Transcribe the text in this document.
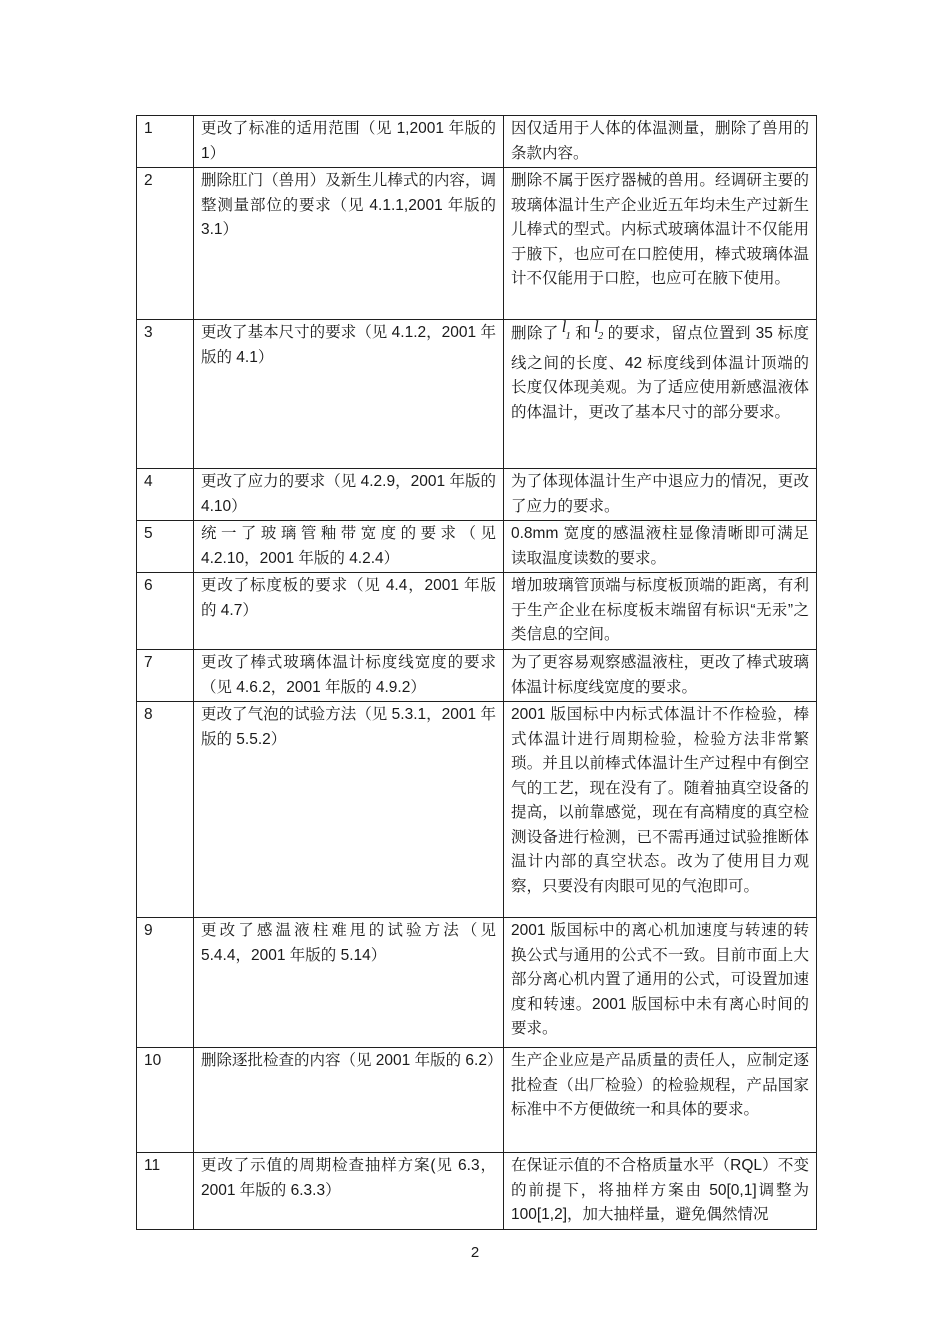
1	更改了标准的适用范围（见 1,2001 年版的 1）	因仅适用于人体的体温测量，删除了兽用的条款内容。
2	删除肛门（兽用）及新生儿棒式的内容，调整测量部位的要求（见 4.1.1,2001 年版的 3.1）	删除不属于医疗器械的兽用。经调研主要的玻璃体温计生产企业近五年均未生产过新生儿棒式的型式。内标式玻璃体温计不仅能用于腋下，也应可在口腔使用，棒式玻璃体温计不仅能用于口腔，也应可在腋下使用。
3	更改了基本尺寸的要求（见 4.1.2，2001 年版的 4.1）	删除了 $l_1$ 和 $l_2$ 的要求，留点位置到 35 标度线之间的长度、42 标度线到体温计顶端的长度仅体现美观。为了适应使用新感温液体的体温计，更改了基本尺寸的部分要求。
4	更改了应力的要求（见 4.2.9，2001 年版的 4.10）	为了体现体温计生产中退应力的情况，更改了应力的要求。
5	统一了玻璃管釉带宽度的要求（见 4.2.10，2001 年版的 4.2.4）	0.8mm 宽度的感温液柱显像清晰即可满足读取温度读数的要求。
6	更改了标度板的要求（见 4.4，2001 年版的 4.7）	增加玻璃管顶端与标度板顶端的距离，有利于生产企业在标度板末端留有标识“无汞”之类信息的空间。
7	更改了棒式玻璃体温计标度线宽度的要求（见 4.6.2，2001 年版的 4.9.2）	为了更容易观察感温液柱，更改了棒式玻璃体温计标度线宽度的要求。
8	更改了气泡的试验方法（见 5.3.1，2001 年版的 5.5.2）	2001 版国标中内标式体温计不作检验，棒式体温计进行周期检验，检验方法非常繁琐。并且以前棒式体温计生产过程中有倒空气的工艺，现在没有了。随着抽真空设备的提高，以前靠感觉，现在有高精度的真空检测设备进行检测，已不需再通过试验推断体温计内部的真空状态。改为了使用目力观察，只要没有肉眼可见的气泡即可。
9	更改了感温液柱难甩的试验方法（见 5.4.4，2001 年版的 5.14）	2001 版国标中的离心机加速度与转速的转换公式与通用的公式不一致。目前市面上大部分离心机内置了通用的公式，可设置加速度和转速。2001 版国标中未有离心时间的要求。
10	删除逐批检查的内容（见 2001 年版的 6.2）	生产企业应是产品质量的责任人，应制定逐批检查（出厂检验）的检验规程，产品国家标准中不方便做统一和具体的要求。
11	更改了示值的周期检查抽样方案(见 6.3，2001 年版的 6.3.3）	在保证示值的不合格质量水平（RQL）不变的前提下，将抽样方案由 50[0,1]调整为 100[1,2]，加大抽样量，避免偶然情况
2
